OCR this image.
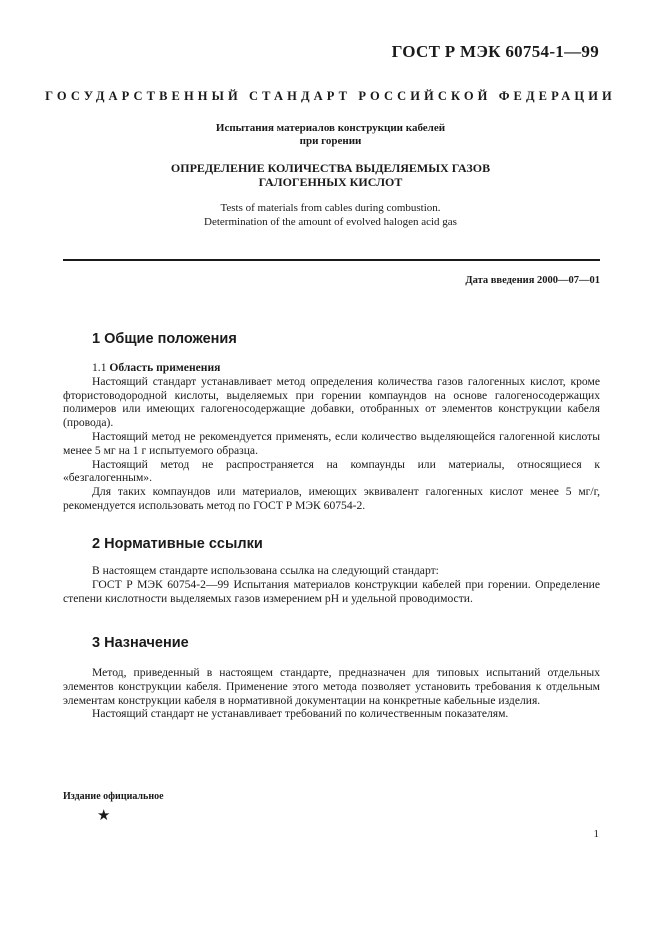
ГОСТ Р МЭК 60754-1—99
ГОСУДАРСТВЕННЫЙ СТАНДАРТ РОССИЙСКОЙ ФЕДЕРАЦИИ
Испытания материалов конструкции кабелей
при горении
ОПРЕДЕЛЕНИЕ КОЛИЧЕСТВА ВЫДЕЛЯЕМЫХ ГАЗОВ
ГАЛОГЕННЫХ КИСЛОТ
Tests of materials from cables during combustion.
Determination of the amount of evolved halogen acid gas
Дата введения 2000—07—01
1 Общие положения

1.1 Область применения

Настоящий стандарт устанавливает метод определения количества газов галогенных кислот, кроме фтористоводородной кислоты, выделяемых при горении компаундов на основе галогеносодержащих полимеров или имеющих галогеносодержащие добавки, отобранных от элементов конструкции кабеля (провода).

Настоящий метод не рекомендуется применять, если количество выделяющейся галогенной кислоты менее 5 мг на 1 г испытуемого образца.

Настоящий метод не распространяется на компаунды или материалы, относящиеся к «безгалогенным».

Для таких компаундов или материалов, имеющих эквивалент галогенных кислот менее 5 мг/г, рекомендуется использовать метод по ГОСТ Р МЭК 60754-2.

2 Нормативные ссылки

В настоящем стандарте использована ссылка на следующий стандарт:

ГОСТ Р МЭК 60754-2—99 Испытания материалов конструкции кабелей при горении. Определение степени кислотности выделяемых газов измерением pH и удельной проводимости.

3 Назначение

Метод, приведенный в настоящем стандарте, предназначен для типовых испытаний отдельных элементов конструкции кабеля. Применение этого метода позволяет установить требования к отдельным элементам конструкции кабеля в нормативной документации на конкретные кабельные изделия.

Настоящий стандарт не устанавливает требований по количественным показателям.

Издание официальное
★
1
